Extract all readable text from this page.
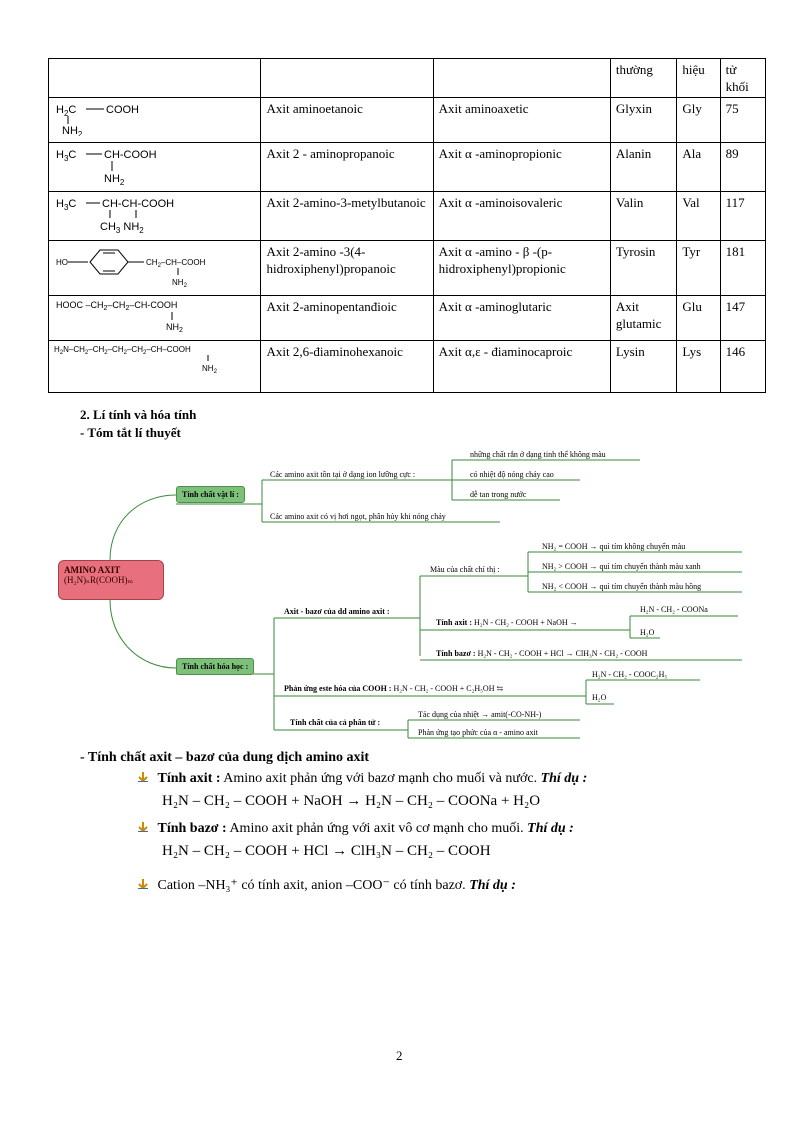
			thường	hiệu	tử khối

$H_2C$ COOH
$NH_2$	Axit aminoetanoic	Axit aminoaxetic	Glyxin	Gly	75

$H_3C$ CH-COOH
$NH_2$	Axit 2 - aminopropanoic	Axit α -aminopropionic	Alanin	Ala	89

$H_3C$ CH-CH-COOH
$CH_3$ $NH_2$	Axit 2-amino-3-metylbutanoic	Axit α -aminoisovaleric	Valin	Val	117

HO $CH_2-CH$–COOH
$NH_2$	Axit 2-amino -3(4-hidroxiphenyl)propanoic	Axit α -amino - β -(p-hidroxiphenyl)propionic	Tyrosin	Tyr	181

HOOC $-CH_2-CH_2-CH$-COOH
$NH_2$	Axit 2-aminopentanđioic	Axit α -aminoglutaric	Axit glutamic	Glu	147

$H_2N-CH_2-CH_2-CH_2-CH_2-CH$–COOH
$NH_2$	Axit 2,6-điaminohexanoic	Axit α,ε - điaminocaproic	Lysin	Lys	146
2. Lí tính và hóa tính
- Tóm tắt lí thuyết
AMINO AXIT
(H₂N)ₙR(COOH)ₘ
Tính chất vật lí :
Các amino axit tồn tại ở dạng ion lưỡng cực :
những chất rắn ở dạng tinh thể không màu
có nhiệt độ nóng chảy cao
dễ tan trong nước
Các amino axit có vị hơi ngọt, phân hủy khi nóng chảy
Tính chất hóa học :
Axit - bazơ của dd amino axit :
Màu của chất chỉ thị :
NH₂ = COOH → quì tím không chuyển màu
NH₂ > COOH → quì tím chuyển thành màu xanh
NH₂ < COOH → quì tím chuyển thành màu hồng
Tính axit : H₂N - CH₂ - COOH + NaOH →
H₂N - CH₂ - COONa
H₂O
Tính bazơ : H₂N - CH₂ - COOH + HCl → ClH₃N - CH₂ - COOH
Phản ứng este hóa của COOH : H₂N - CH₂ - COOH + C₂H₅OH ⇆
H₂N - CH₂ - COOC₂H₅
H₂O
Tính chất của cả phân tử :
Tác dụng của nhiệt → amit(-CO-NH-)
Phản ứng tạo phức của α - amino axit
- Tính chất axit – bazơ của dung dịch amino axit
Tính axit : Amino axit phản ứng với bazơ mạnh cho muối và nước. Thí dụ :
H₂N – CH₂ – COOH + NaOH → H₂N – CH₂ – COONa + H₂O
Tính bazơ : Amino axit phản ứng với axit vô cơ mạnh cho muối. Thí dụ :
H₂N – CH₂ – COOH + HCl → ClH₃N – CH₂ – COOH
Cation –NH₃⁺ có tính axit, anion –COO⁻ có tính bazơ. Thí dụ :
2
